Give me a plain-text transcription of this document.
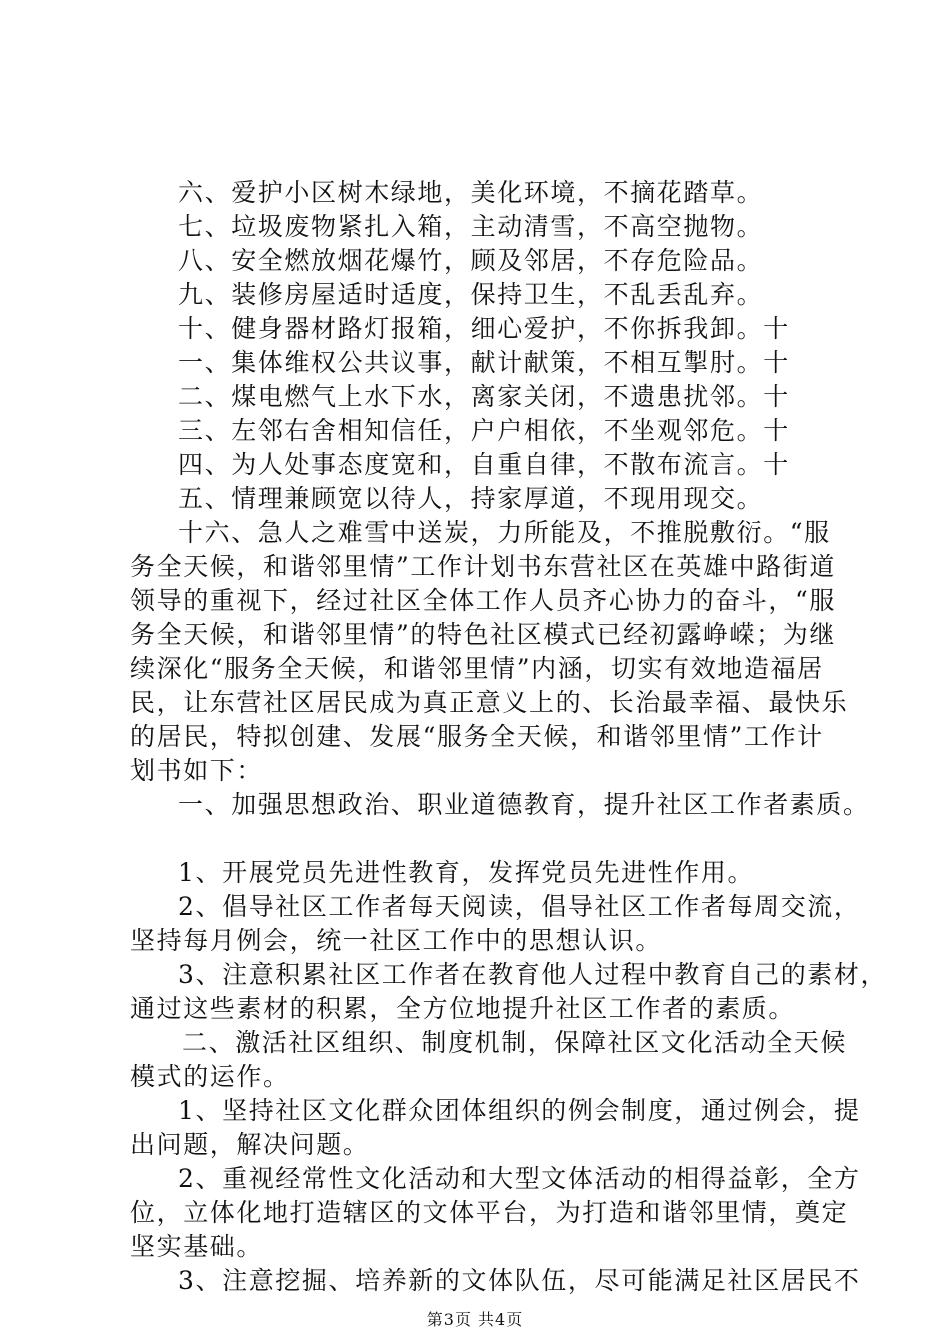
六、爱护小区树木绿地，美化环境，不摘花踏草。
七、垃圾废物紧扎入箱，主动清雪，不高空抛物。
八、安全燃放烟花爆竹，顾及邻居，不存危险品。
九、装修房屋适时适度，保持卫生，不乱丢乱弃。
十、健身器材路灯报箱，细心爱护，不你拆我卸。十
一、集体维权公共议事，献计献策，不相互掣肘。十
二、煤电燃气上水下水，离家关闭，不遗患扰邻。十
三、左邻右舍相知信任，户户相依，不坐观邻危。十
四、为人处事态度宽和，自重自律，不散布流言。十
五、情理兼顾宽以待人，持家厚道，不现用现交。
十六、急人之难雪中送炭，力所能及，不推脱敷衍。“服
务全天候，和谐邻里情”工作计划书东营社区在英雄中路街道
领导的重视下，经过社区全体工作人员齐心协力的奋斗，“服
务全天候，和谐邻里情”的特色社区模式已经初露峥嵘；为继
续深化“服务全天候，和谐邻里情”内涵，切实有效地造福居
民，让东营社区居民成为真正意义上的、长治最幸福、最快乐
的居民，特拟创建、发展“服务全天候，和谐邻里情”工作计
划书如下：
一、加强思想政治、职业道德教育，提升社区工作者素质。
1、开展党员先进性教育，发挥党员先进性作用。
2、倡导社区工作者每天阅读，倡导社区工作者每周交流，
坚持每月例会，统一社区工作中的思想认识。
3、注意积累社区工作者在教育他人过程中教育自己的素材，
通过这些素材的积累，全方位地提升社区工作者的素质。
二、激活社区组织、制度机制，保障社区文化活动全天候
模式的运作。
1、坚持社区文化群众团体组织的例会制度，通过例会，提
出问题，解决问题。
2、重视经常性文化活动和大型文体活动的相得益彰，全方
位，立体化地打造辖区的文体平台，为打造和谐邻里情，奠定
坚实基础。
3、注意挖掘、培养新的文体队伍，尽可能满足社区居民不
第3页 共4页
